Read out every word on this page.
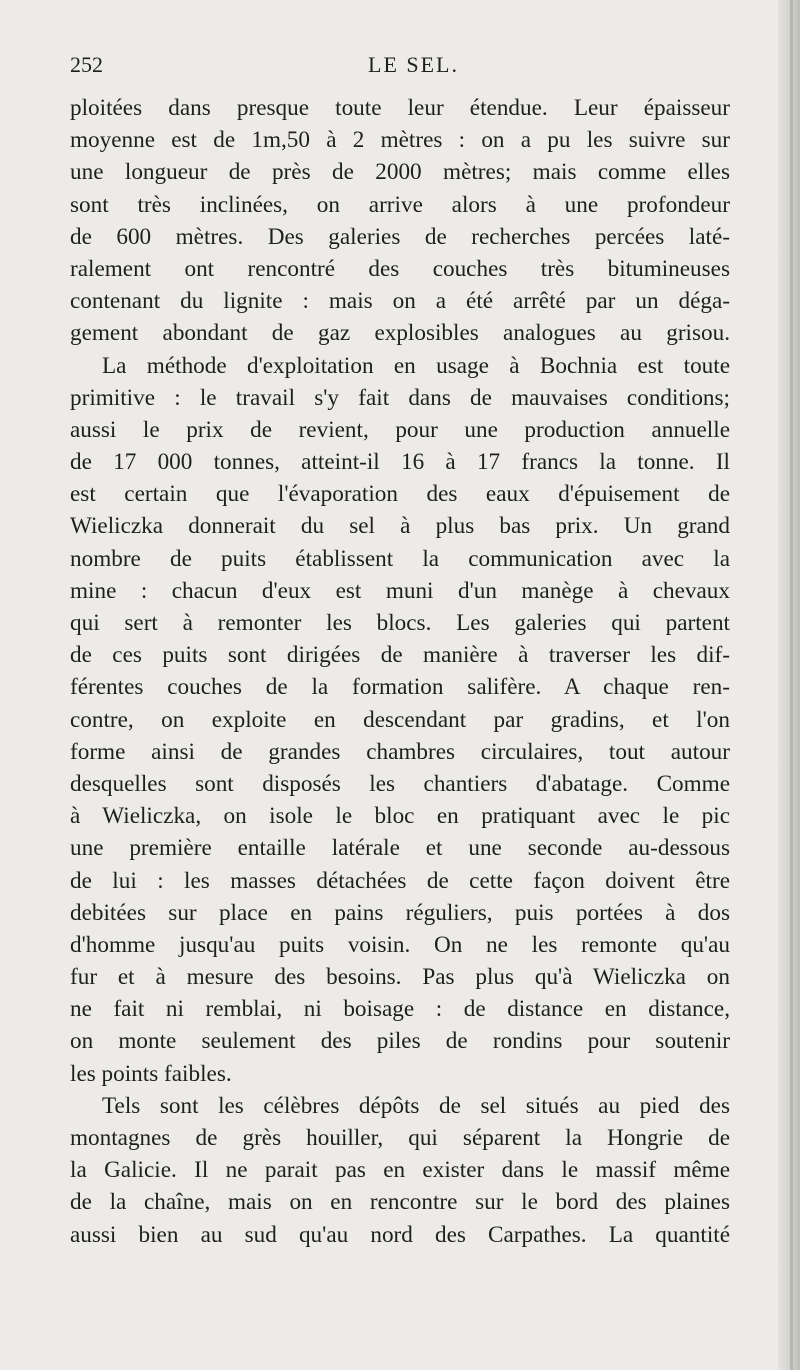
252	LE SEL.
ploitées dans presque toute leur étendue. Leur épaisseur
moyenne est de 1m,50 à 2 mètres : on a pu les suivre sur
une longueur de près de 2000 mètres; mais comme elles
sont très inclinées, on arrive alors à une profondeur
de 600 mètres. Des galeries de recherches percées laté-
ralement ont rencontré des couches très bitumineuses
contenant du lignite : mais on a été arrêté par un déga-
gement abondant de gaz explosibles analogues au grisou.
La méthode d'exploitation en usage à Bochnia est toute
primitive : le travail s'y fait dans de mauvaises conditions;
aussi le prix de revient, pour une production annuelle
de 17 000 tonnes, atteint-il 16 à 17 francs la tonne. Il
est certain que l'évaporation des eaux d'épuisement de
Wieliczka donnerait du sel à plus bas prix. Un grand
nombre de puits établissent la communication avec la
mine : chacun d'eux est muni d'un manège à chevaux
qui sert à remonter les blocs. Les galeries qui partent
de ces puits sont dirigées de manière à traverser les dif-
férentes couches de la formation salifère. A chaque ren-
contre, on exploite en descendant par gradins, et l'on
forme ainsi de grandes chambres circulaires, tout autour
desquelles sont disposés les chantiers d'abatage. Comme
à Wieliczka, on isole le bloc en pratiquant avec le pic
une première entaille latérale et une seconde au-dessous
de lui : les masses détachées de cette façon doivent être
debitées sur place en pains réguliers, puis portées à dos
d'homme jusqu'au puits voisin. On ne les remonte qu'au
fur et à mesure des besoins. Pas plus qu'à Wieliczka on
ne fait ni remblai, ni boisage : de distance en distance,
on monte seulement des piles de rondins pour soutenir
les points faibles.
Tels sont les célèbres dépôts de sel situés au pied des
montagnes de grès houiller, qui séparent la Hongrie de
la Galicie. Il ne parait pas en exister dans le massif même
de la chaîne, mais on en rencontre sur le bord des plaines
aussi bien au sud qu'au nord des Carpathes. La quantité
